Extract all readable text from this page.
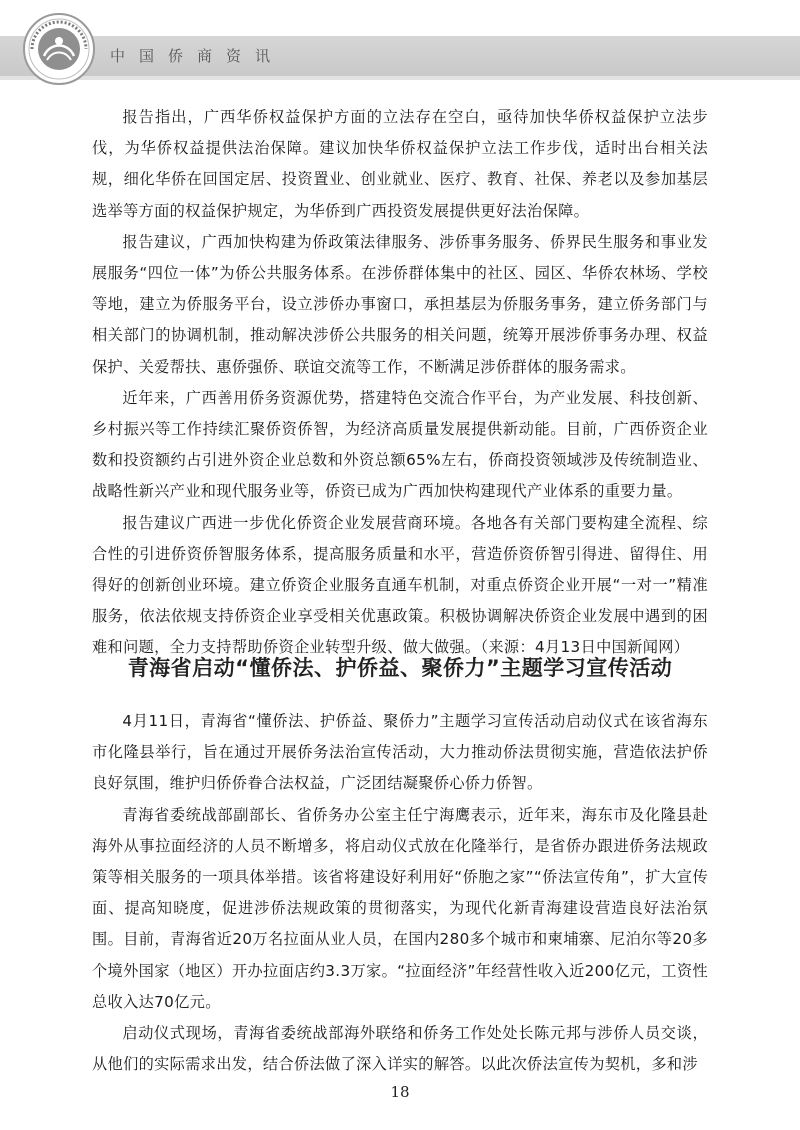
中国侨商资讯

报告指出，广西华侨权益保护方面的立法存在空白，亟待加快华侨权益保护立法步伐，为华侨权益提供法治保障。建议加快华侨权益保护立法工作步伐，适时出台相关法规，细化华侨在回国定居、投资置业、创业就业、医疗、教育、社保、养老以及参加基层选举等方面的权益保护规定，为华侨到广西投资发展提供更好法治保障。

报告建议，广西加快构建为侨政策法律服务、涉侨事务服务、侨界民生服务和事业发展服务“四位一体”为侨公共服务体系。在涉侨群体集中的社区、园区、华侨农林场、学校等地，建立为侨服务平台，设立涉侨办事窗口，承担基层为侨服务事务，建立侨务部门与相关部门的协调机制，推动解决涉侨公共服务的相关问题，统筹开展涉侨事务办理、权益保护、关爱帮扶、惠侨强侨、联谊交流等工作，不断满足涉侨群体的服务需求。

近年来，广西善用侨务资源优势，搭建特色交流合作平台，为产业发展、科技创新、乡村振兴等工作持续汇聚侨资侨智，为经济高质量发展提供新动能。目前，广西侨资企业数和投资额约占引进外资企业总数和外资总额65%左右，侨商投资领域涉及传统制造业、战略性新兴产业和现代服务业等，侨资已成为广西加快构建现代产业体系的重要力量。

报告建议广西进一步优化侨资企业发展营商环境。各地各有关部门要构建全流程、综合性的引进侨资侨智服务体系，提高服务质量和水平，营造侨资侨智引得进、留得住、用得好的创新创业环境。建立侨资企业服务直通车机制，对重点侨资企业开展“一对一”精准服务，依法依规支持侨资企业享受相关优惠政策。积极协调解决侨资企业发展中遇到的困难和问题，全力支持帮助侨资企业转型升级、做大做强。（来源：4月13日中国新闻网）

青海省启动“懂侨法、护侨益、聚侨力”主题学习宣传活动

4月11日，青海省“懂侨法、护侨益、聚侨力”主题学习宣传活动启动仪式在该省海东市化隆县举行，旨在通过开展侨务法治宣传活动，大力推动侨法贯彻实施，营造依法护侨良好氛围，维护归侨侨眷合法权益，广泛团结凝聚侨心侨力侨智。

青海省委统战部副部长、省侨务办公室主任宁海鹰表示，近年来，海东市及化隆县赴海外从事拉面经济的人员不断增多，将启动仪式放在化隆举行，是省侨办跟进侨务法规政策等相关服务的一项具体举措。该省将建设好利用好“侨胞之家”“侨法宣传角”，扩大宣传面、提高知晓度，促进涉侨法规政策的贯彻落实，为现代化新青海建设营造良好法治氛围。目前，青海省近20万名拉面从业人员，在国内280多个城市和柬埔寨、尼泊尔等20多个境外国家（地区）开办拉面店约3.3万家。“拉面经济”年经营性收入近200亿元，工资性总收入达70亿元。

启动仪式现场，青海省委统战部海外联络和侨务工作处处长陈元邦与涉侨人员交谈，从他们的实际需求出发，结合侨法做了深入详实的解答。以此次侨法宣传为契机，多和涉

18
